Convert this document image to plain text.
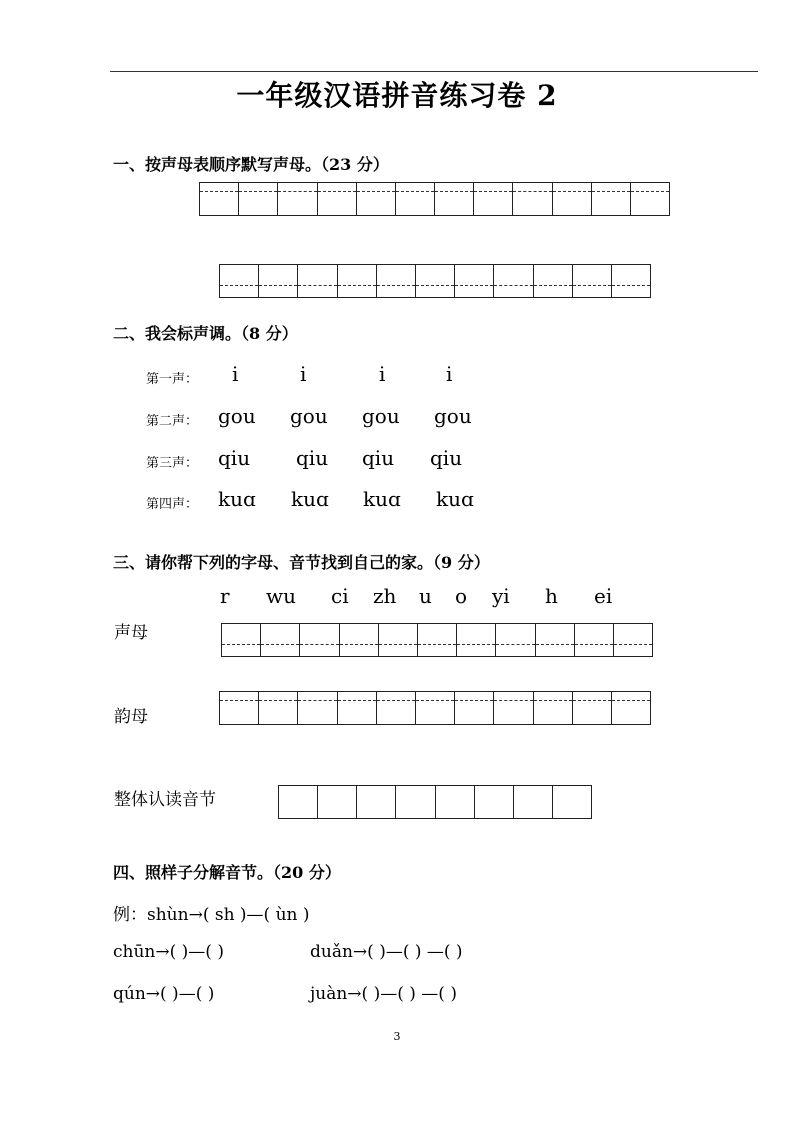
一年级汉语拼音练习卷 2
一、按声母表顺序默写声母。（23 分）
二、我会标声调。（8 分）
第一声： i	i	i	i
第二声： gou gou gou gou
第三声： qiu qiu qiu qiu
第四声： kuɑ kuɑ kuɑ kuɑ
三、请你帮下列的字母、音节找到自己的家。（9 分）
r wu ci zh u o yi h ei
声母
韵母
整体认读音节
四、照样子分解音节。（20 分）
例：shùn→( sh )—( ùn )
chūn→( )—( )	duǎn→( )—( ) —( )
qún→( )—( )	juàn→( )—( ) —( )
3
